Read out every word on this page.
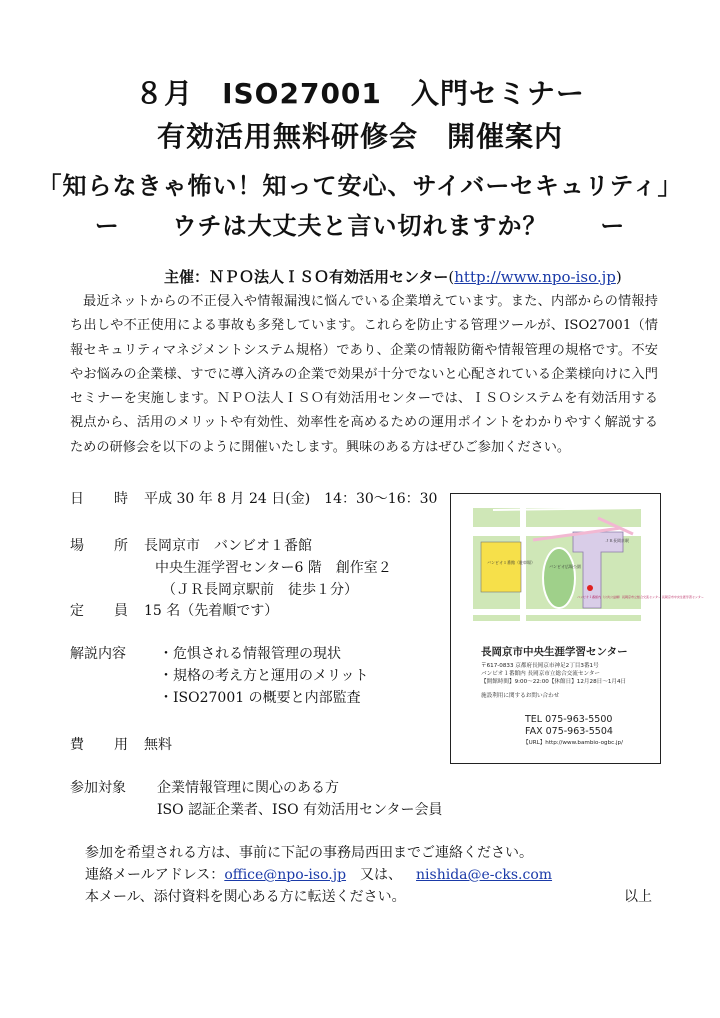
８月　ISO27001　入門セミナー
有効活用無料研修会　開催案内
「知らなきゃ怖い！知って安心、サイバーセキュリティ」
ー ウチは大丈夫と言い切れますか？ ー
主催：ＮＰＯ法人ＩＳＯ有効活用センター(http://www.npo-iso.jp)
最近ネットからの不正侵入や情報漏洩に悩んでいる企業増えています。また、内部からの情報持ち出しや不正使用による事故も多発しています。これらを防止する管理ツールが、ISO27001（情報セキュリティマネジメントシステム規格）であり、企業の情報防衛や情報管理の規格です。不安やお悩みの企業様、すでに導入済みの企業で効果が十分でないと心配されている企業様向けに入門セミナーを実施します。ＮＰＯ法人ＩＳＯ有効活用センターでは、ＩＳＯシステムを有効活用する視点から、活用のメリットや有効性、効率性を高めるための運用ポイントをわかりやすく解説するための研修会を以下のように開催いたします。興味のある方はぜひご参加ください。
日　時 平成 30 年 8 月 24 日(金)　14：30〜16：30
場　所 長岡京市　バンビオ１番館
中央生涯学習センター6 階　創作室２
（ＪＲ長岡京駅前　徒歩１分）
定　員 15 名（先着順です）
解説内容	・危惧される情報管理の現状
・規格の考え方と運用のメリット
・ISO27001 の概要と内部監査
費　用 無料
参加対象	企業情報管理に関心のある方
ISO 認証企業者、ISO 有効活用センター会員
バンビオ１番館（駐車場）
バンビオ広場公園
ＪＲ長岡京駅
バンビオ１番館内（公共公益棟）長岡京市立総合交流センター 長岡京市中央生涯学習センター
長岡京市中央生涯学習センター
〒617-0833 京都府長岡京市神足2丁目3番1号
バンビオ１番館内 長岡京市立総合交流センター
【開館時間】9:00〜22:00【休館日】12月28日〜1月4日
施設利用に関するお問い合わせ
TEL 075-963-5500
FAX 075-963-5504
【URL】http://www.bambio-ogbc.jp/
参加を希望される方は、事前に下記の事務局西田までご連絡ください。
連絡メールアドレス：office@npo-iso.jp 又は、 nishida@e-cks.com
本メール、添付資料を関心ある方に転送ください。	以上
